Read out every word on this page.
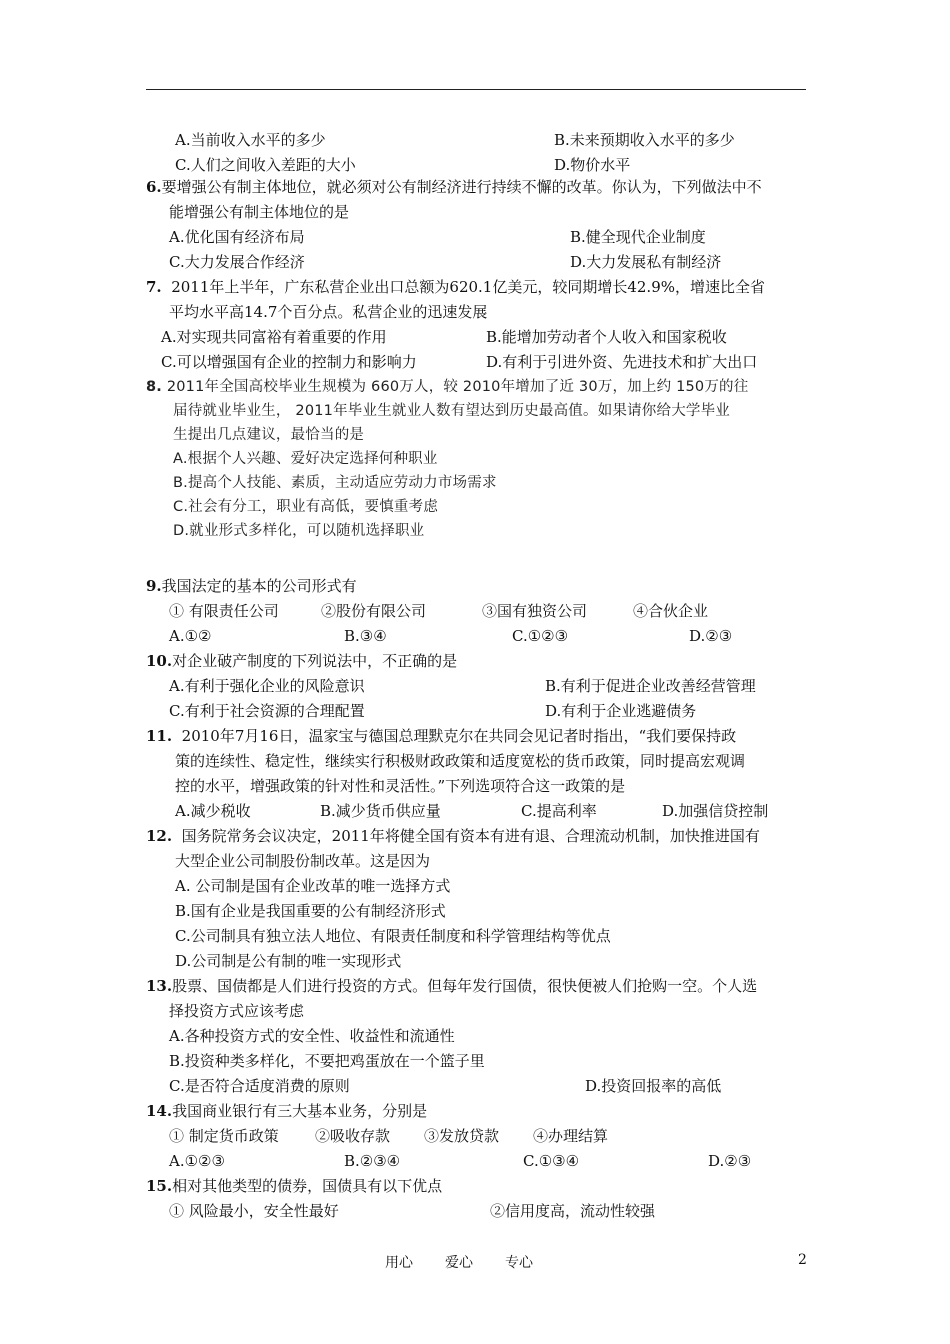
A.当前收入水平的多少	B.未来预期收入水平的多少
C.人们之间收入差距的大小	D.物价水平
6.要增强公有制主体地位，就必须对公有制经济进行持续不懈的改革。你认为，下列做法中不
能增强公有制主体地位的是
A.优化国有经济布局	B.健全现代企业制度
C.大力发展合作经济	D.大力发展私有制经济
7. 2011年上半年，广东私营企业出口总额为620.1亿美元，较同期增长42.9%，增速比全省
平均水平高14.7个百分点。私营企业的迅速发展
A.对实现共同富裕有着重要的作用	B.能增加劳动者个人收入和国家税收
C.可以增强国有企业的控制力和影响力	D.有利于引进外资、先进技术和扩大出口
8. 2011年全国高校毕业生规模为 660万人，较 2010年增加了近 30万，加上约 150万的往
届待就业毕业生， 2011年毕业生就业人数有望达到历史最高值。如果请你给大学毕业
生提出几点建议，最恰当的是
A.根据个人兴趣、爱好决定选择何种职业
B.提高个人技能、素质，主动适应劳动力市场需求
C.社会有分工，职业有高低，要慎重考虑
D.就业形式多样化，可以随机选择职业
9.我国法定的基本的公司形式有
① 有限责任公司	②股份有限公司	③国有独资公司	④合伙企业
A.①②	B.③④	C.①②③	D.②③
10.对企业破产制度的下列说法中，不正确的是
A.有利于强化企业的风险意识	B.有利于促进企业改善经营管理
C.有利于社会资源的合理配置	D.有利于企业逃避债务
11. 2010年7月16日，温家宝与德国总理默克尔在共同会见记者时指出，“我们要保持政
策的连续性、稳定性，继续实行积极财政政策和适度宽松的货币政策，同时提高宏观调
控的水平，增强政策的针对性和灵活性。”下列选项符合这一政策的是
A.减少税收	B.减少货币供应量	C.提高利率	D.加强信贷控制
12. 国务院常务会议决定，2011年将健全国有资本有进有退、合理流动机制，加快推进国有
大型企业公司制股份制改革。这是因为
A. 公司制是国有企业改革的唯一选择方式
B.国有企业是我国重要的公有制经济形式
C.公司制具有独立法人地位、有限责任制度和科学管理结构等优点
D.公司制是公有制的唯一实现形式
13.股票、国债都是人们进行投资的方式。但每年发行国债，很快便被人们抢购一空。个人选
择投资方式应该考虑
A.各种投资方式的安全性、收益性和流通性
B.投资种类多样化，不要把鸡蛋放在一个篮子里
C.是否符合适度消费的原则	D.投资回报率的高低
14.我国商业银行有三大基本业务，分别是
① 制定货币政策 ②吸收存款 ③发放贷款 ④办理结算
A.①②③	B.②③④	C.①③④	D.②③
15.相对其他类型的债券，国债具有以下优点
① 风险最小，安全性最好	②信用度高，流动性较强
用心 爱心 专心	2
